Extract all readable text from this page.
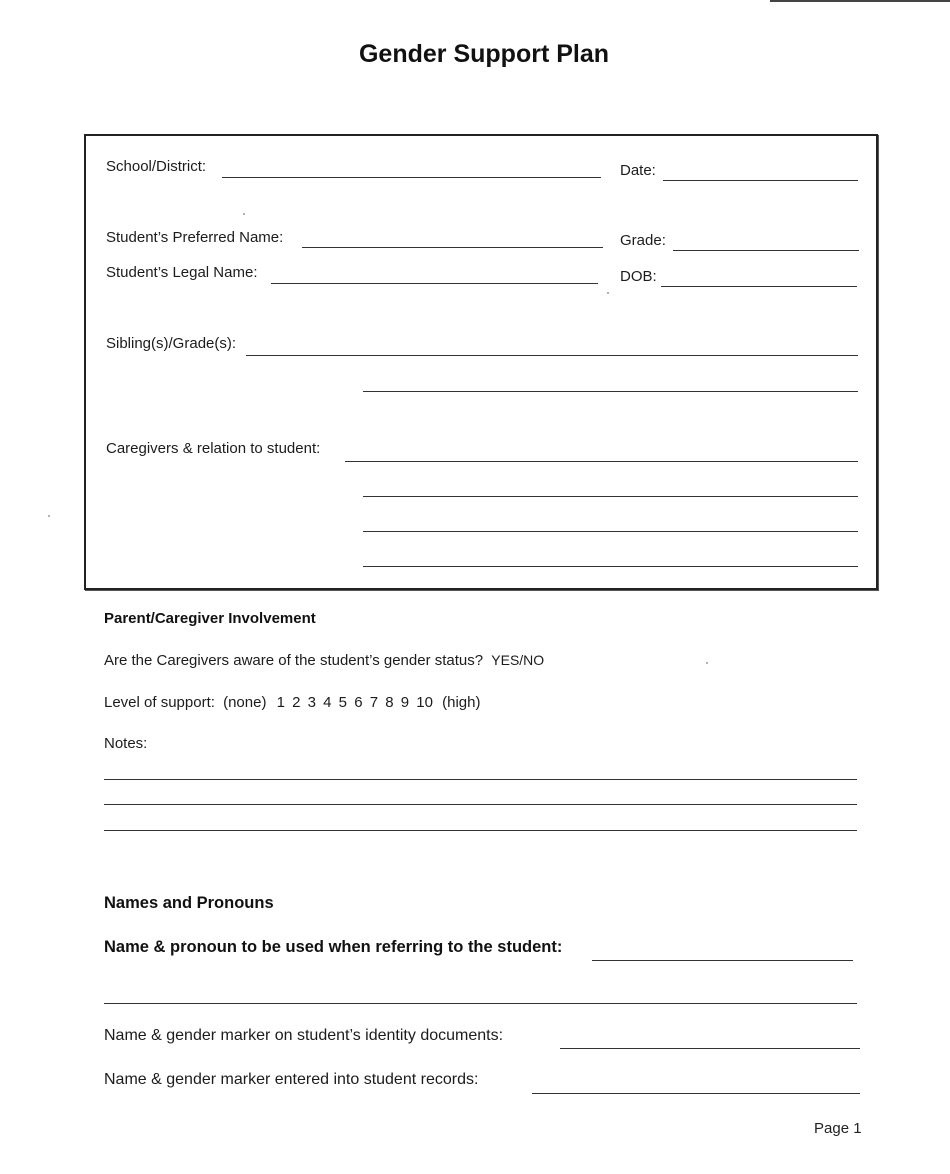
Gender Support Plan
School/District:	Date:
Student’s Preferred Name:	Grade:
Student’s Legal Name:	DOB:
Sibling(s)/Grade(s):
Caregivers & relation to student:
Parent/Caregiver Involvement
Are the Caregivers aware of the student’s gender status? YES/NO
Level of support: (none) 1 2 3 4 5 6 7 8 9 10 (high)
Notes:
Names and Pronouns
Name & pronoun to be used when referring to the student:
Name & gender marker on student’s identity documents:
Name & gender marker entered into student records:
Page 1
